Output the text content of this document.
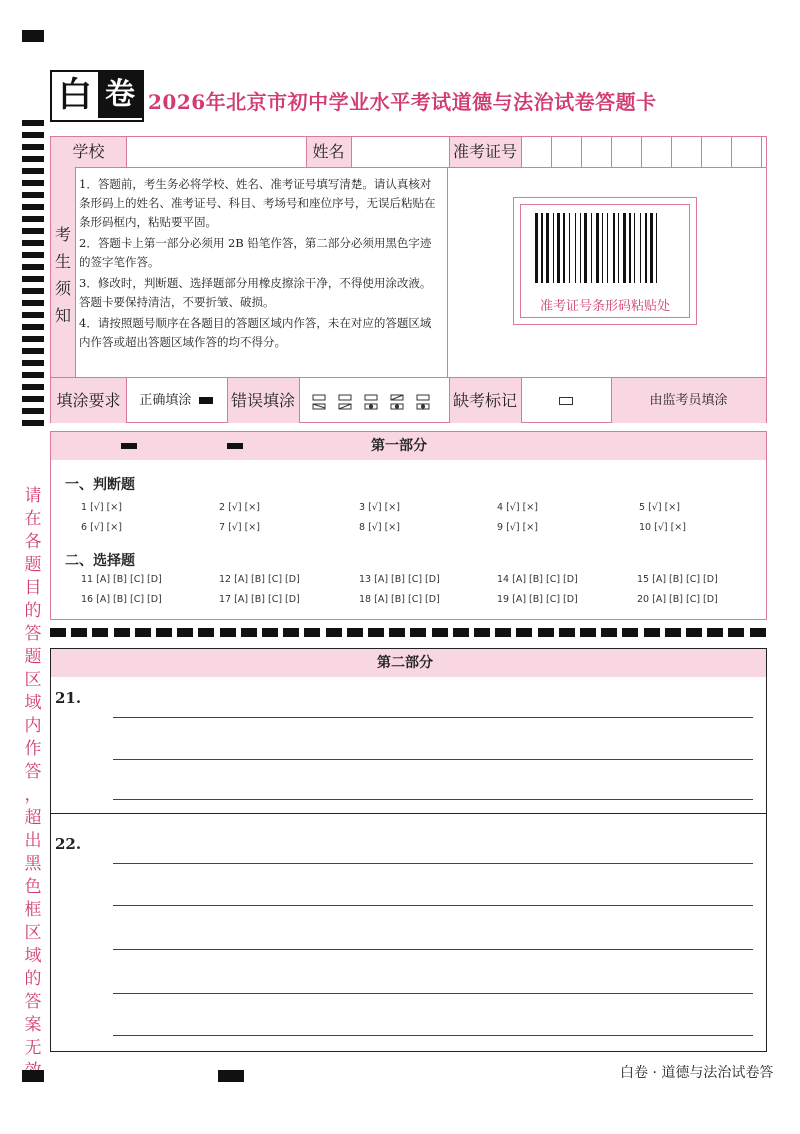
白 卷 2026年北京市初中学业水平考试道德与法治试卷答题卡
学校	姓名	准考证号
考
生
须
知

1．答题前，考生务必将学校、姓名、准考证号填写清楚。请认真核对条形码上的姓名、准考证号、科目、考场号和座位序号，无误后粘贴在条形码框内，粘贴要平固。

2．答题卡上第一部分必须用 2B 铅笔作答，第二部分必须用黑色字迹的签字笔作答。

3．修改时，判断题、选择题部分用橡皮擦涂干净，不得使用涂改液。答题卡要保持清洁，不要折皱、破损。

4．请按照题号顺序在各题目的答题区域内作答，未在对应的答题区域内作答或超出答题区域作答的均不得分。

准考证号条形码粘贴处
填涂要求	正确填涂	错误填涂	缺考标记	由监考员填涂
第一部分
一、判断题
二、选择题
1 [√] [×]	2 [√] [×]	3 [√] [×]	4 [√] [×]	5 [√] [×]
6 [√] [×]	7 [√] [×]	8 [√] [×]	9 [√] [×]	10 [√] [×]
11 [A] [B] [C] [D]	12 [A] [B] [C] [D]	13 [A] [B] [C] [D]	14 [A] [B] [C] [D]	15 [A] [B] [C] [D]
16 [A] [B] [C] [D]	17 [A] [B] [C] [D]	18 [A] [B] [C] [D]	19 [A] [B] [C] [D]	20 [A] [B] [C] [D]
第二部分
21.
22.
请
在
各
题
目
的
答
题
区
域
内
作
答
，
超
出
黑
色
框
区
域
的
答
案
无
白卷 · 道德与法治试卷答
